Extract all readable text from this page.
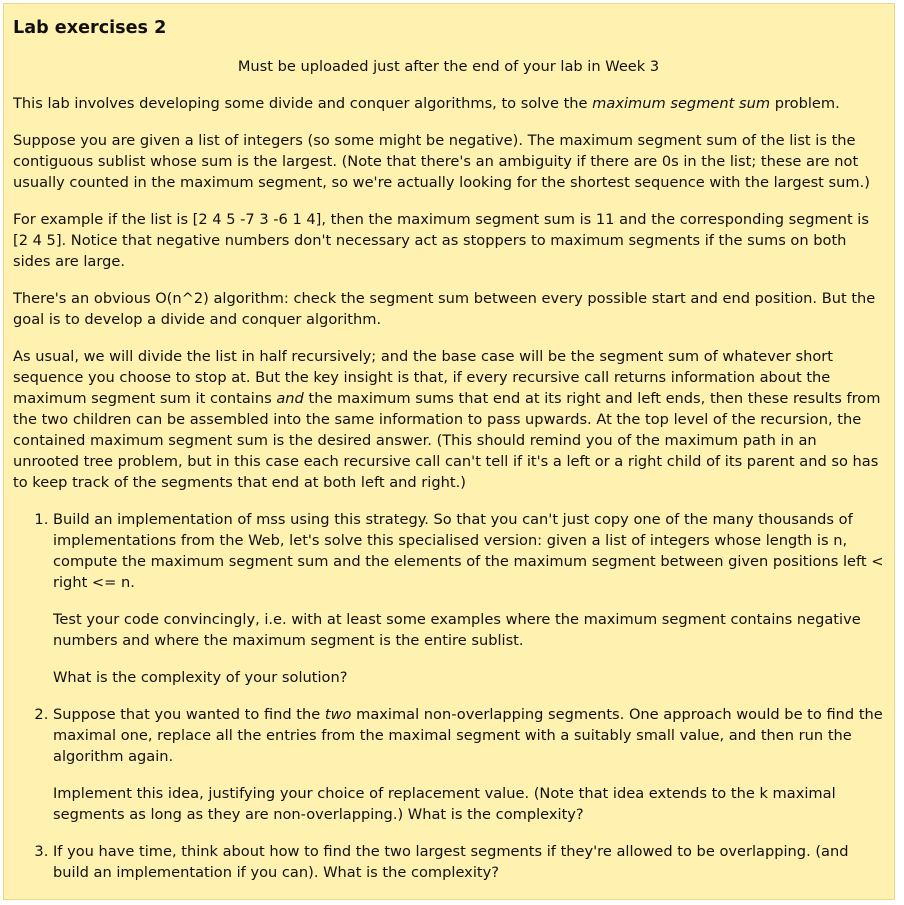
Lab exercises 2
Must be uploaded just after the end of your lab in Week 3

This lab involves developing some divide and conquer algorithms, to solve the maximum segment sum problem.

Suppose you are given a list of integers (so some might be negative). The maximum segment sum of the list is the contiguous sublist whose sum is the largest. (Note that there's an ambiguity if there are 0s in the list; these are not usually counted in the maximum segment, so we're actually looking for the shortest sequence with the largest sum.)

For example if the list is [2 4 5 -7 3 -6 1 4], then the maximum segment sum is 11 and the corresponding segment is [2 4 5]. Notice that negative numbers don't necessary act as stoppers to maximum segments if the sums on both sides are large.

There's an obvious O(n^2) algorithm: check the segment sum between every possible start and end position. But the goal is to develop a divide and conquer algorithm.

As usual, we will divide the list in half recursively; and the base case will be the segment sum of whatever short sequence you choose to stop at. But the key insight is that, if every recursive call returns information about the maximum segment sum it contains and the maximum sums that end at its right and left ends, then these results from the two children can be assembled into the same information to pass upwards. At the top level of the recursion, the contained maximum segment sum is the desired answer. (This should remind you of the maximum path in an unrooted tree problem, but in this case each recursive call can't tell if it's a left or a right child of its parent and so has to keep track of the segments that end at both left and right.)

1. Build an implementation of mss using this strategy. So that you can't just copy one of the many thousands of implementations from the Web, let's solve this specialised version: given a list of integers whose length is n, compute the maximum segment sum and the elements of the maximum segment between given positions left < right <= n.

Test your code convincingly, i.e. with at least some examples where the maximum segment contains negative numbers and where the maximum segment is the entire sublist.

What is the complexity of your solution?

2. Suppose that you wanted to find the two maximal non-overlapping segments. One approach would be to find the maximal one, replace all the entries from the maximal segment with a suitably small value, and then run the algorithm again.

Implement this idea, justifying your choice of replacement value. (Note that idea extends to the k maximal segments as long as they are non-overlapping.) What is the complexity?

3. If you have time, think about how to find the two largest segments if they're allowed to be overlapping. (and build an implementation if you can). What is the complexity?
